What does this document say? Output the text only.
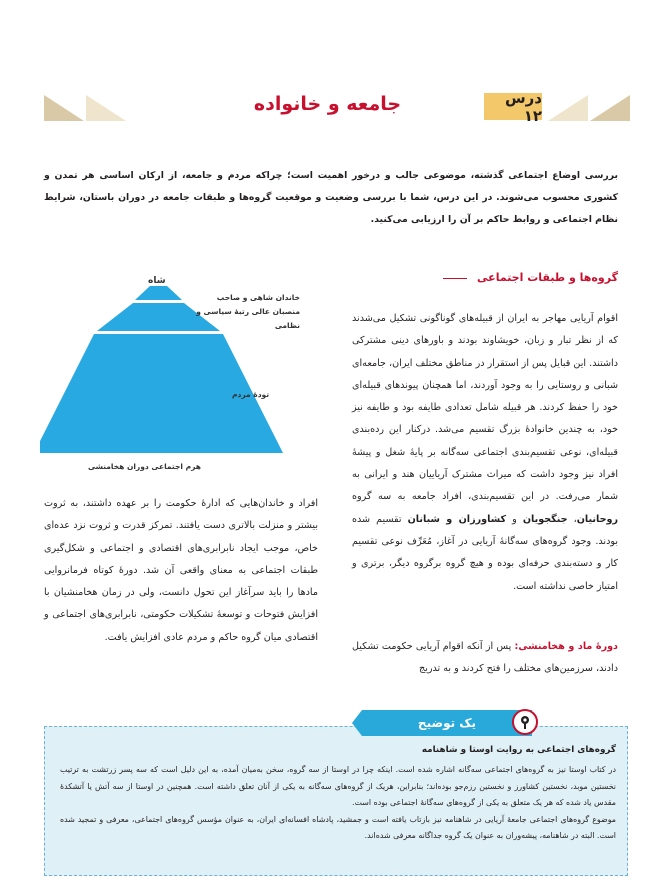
درس ۱۲
جامعه و خانواده
بررسی اوضاع اجتماعی گذشته، موضوعی جالب و درخور اهمیت است؛ چراکه مردم و جامعه، از ارکان اساسی هر تمدن و کشوری محسوب می‌شوند. در این درس، شما با بررسی وضعیت و موقعیت گروه‌ها و طبقات جامعه در دوران باستان، شرایط نظام اجتماعی و روابط حاکم بر آن را ارزیابی می‌کنید.
گروه‌ها و طبقات اجتماعی
شاه
خاندان شاهی و صاحب منصبان عالی رتبهٔ سیاسی و نظامی
تودهٔ مردم
هرم اجتماعی دوران هخامنشی
اقوام آریایی مهاجر به ایران از قبیله‌های گوناگونی تشکیل می‌شدند که از نظر تبار و زبان، خویشاوند بودند و باورهای دینی مشترکی داشتند. این قبایل پس از استقرار در مناطق مختلف ایران، جامعه‌ای شبانی و روستایی را به وجود آوردند، اما همچنان پیوندهای قبیله‌ای خود را حفظ کردند. هر قبیله شامل تعدادی طایفه بود و طایفه نیز خود، به چندین خانوادهٔ بزرگ تقسیم می‌شد. درکنار این رده‌بندی قبیله‌ای، نوعی تقسیم‌بندی اجتماعی سه‌گانه بر پایهٔ شغل و پیشهٔ افراد نیز وجود داشت که میراث مشترک آریاییان هند و ایرانی به شمار می‌رفت. در این تقسیم‌بندی، افراد جامعه به سه گروه روحانیان، جنگجویان و کشاورزان و شبانان تقسیم شده بودند. وجود گروه‌های سه‌گانهٔ آریایی در آغاز، مُعَرِّف نوعی تقسیم کار و دسته‌بندی حرفه‌ای بوده و هیچ گروه برگروه دیگر، برتری و امتیاز خاصی نداشته است.
دورهٔ ماد و هخامنشی: پس از آنکه اقوام آریایی حکومت تشکیل دادند، سرزمین‌های مختلف را فتح کردند و به تدریج
افراد و خاندان‌هایی که ادارهٔ حکومت را بر عهده داشتند، به ثروت بیشتر و منزلت بالاتری دست یافتند. تمرکز قدرت و ثروت نزد عده‌ای خاص، موجب ایجاد نابرابری‌های اقتصادی و اجتماعی و شکل‌گیری طبقات اجتماعی به معنای واقعی آن شد. دورهٔ کوتاه فرمانروایی مادها را باید سرآغاز این تحول دانست، ولی در زمان هخامنشیان با افزایش فتوحات و توسعهٔ تشکیلات حکومتی، نابرابری‌های اجتماعی و اقتصادی میان گروه حاکم و مردم عادی افزایش یافت.
یک توضیح
گروه‌های اجتماعی به روایت اوستا و شاهنامه
در کتاب اوستا نیز به گروه‌های اجتماعی سه‌گانه اشاره شده است. اینکه چرا در اوستا از سه گروه، سخن به‌میان آمده، به این دلیل است که سه پسر زرتشت به ترتیب نخستین موبد، نخستین کشاورز و نخستین رزم‌جو بوده‌اند؛ بنابراین، هریک از گروه‌های سه‌گانه به یکی از آنان تعلق داشته است. همچنین در اوستا از سه آتش یا آتشکدهٔ مقدس یاد شده که هر یک متعلق به یکی از گروه‌های سه‌گانهٔ اجتماعی بوده است.
موضوع گروه‌های اجتماعی جامعهٔ آریایی در شاهنامه نیز بازتاب یافته است و جمشید، پادشاه افسانه‌ای ایران، به عنوان مؤسس گروه‌های اجتماعی، معرفی و تمجید شده است. البته در شاهنامه، پیشه‌وران به عنوان یک گروه جداگانه معرفی شده‌اند.
